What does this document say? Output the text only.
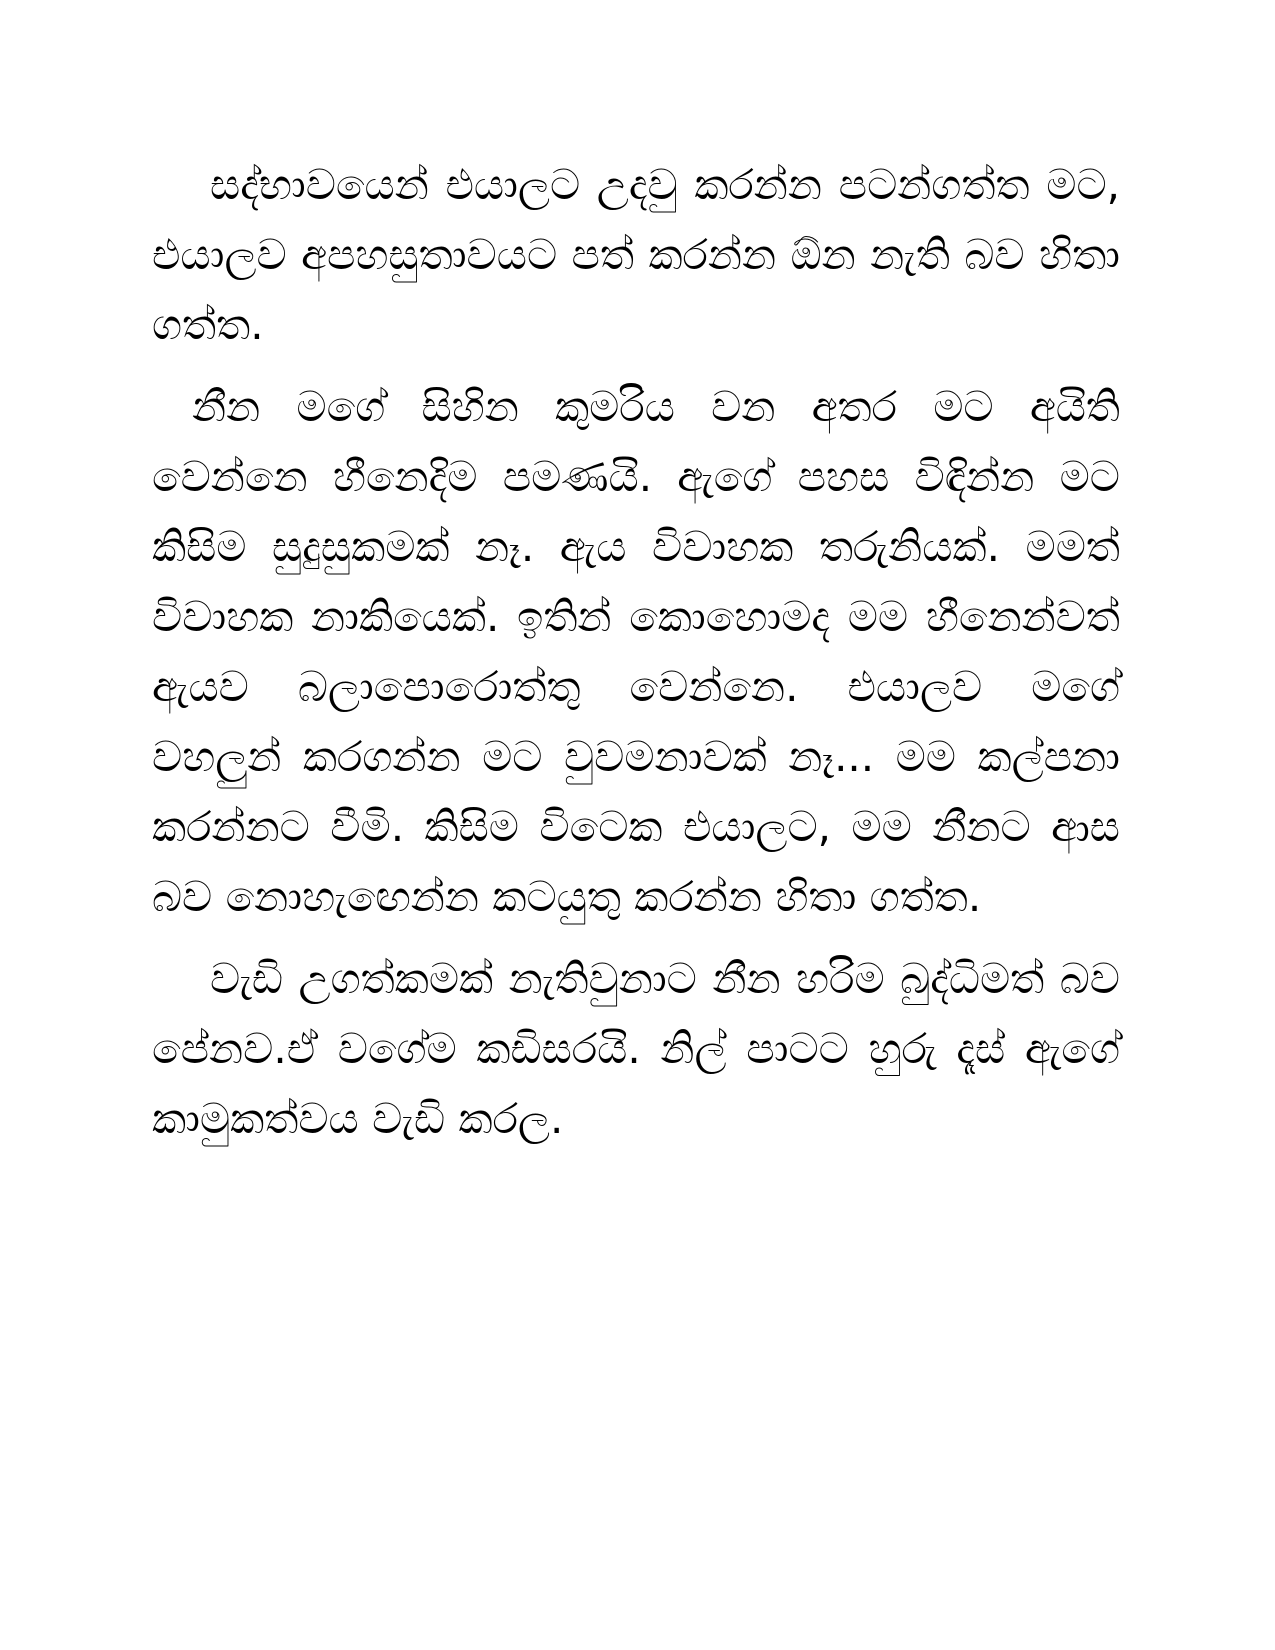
සද්භාවයෙන් එයාලට උදවු කරන්න පටන්ගත්ත මට, එයාලව අපහසුතාවයට පත් කරන්න ඕන නැති බව හිතා ගත්ත.

නීන මගේ සිහින කුමරිය වන අතර මට අයිති වෙන්නෙ හීනෙදිම පමණයි. ඇගේ පහස විඳින්න මට කිසිම සුදුසුකමක් නෑ. ඇය විවාහක තරුනියක්. මමත් විවාහක නාකියෙක්. ඉතින් කොහොමද මම හීනෙන්වත් ඇයව බලාපොරොත්තු වෙන්නෙ. එයාලව මගේ වහලුන් කරගන්න මට වුවමනාවක් නෑ... මම කල්පනා කරන්නට වීමි. කිසිම විටෙක එයාලට, මම නීනට ආස බව නොහැඟෙන්න කටයුතු කරන්න හිතා ගත්ත.

වැඩි උගත්කමක් නැතිවුනාට නීන හරිම බුද්ධිමත් බව පේනව.ඒ වගේම කඩිසරයි. නිල් පාටට හුරු දෑස් ඇගේ කාමුකත්වය වැඩි කරල.
